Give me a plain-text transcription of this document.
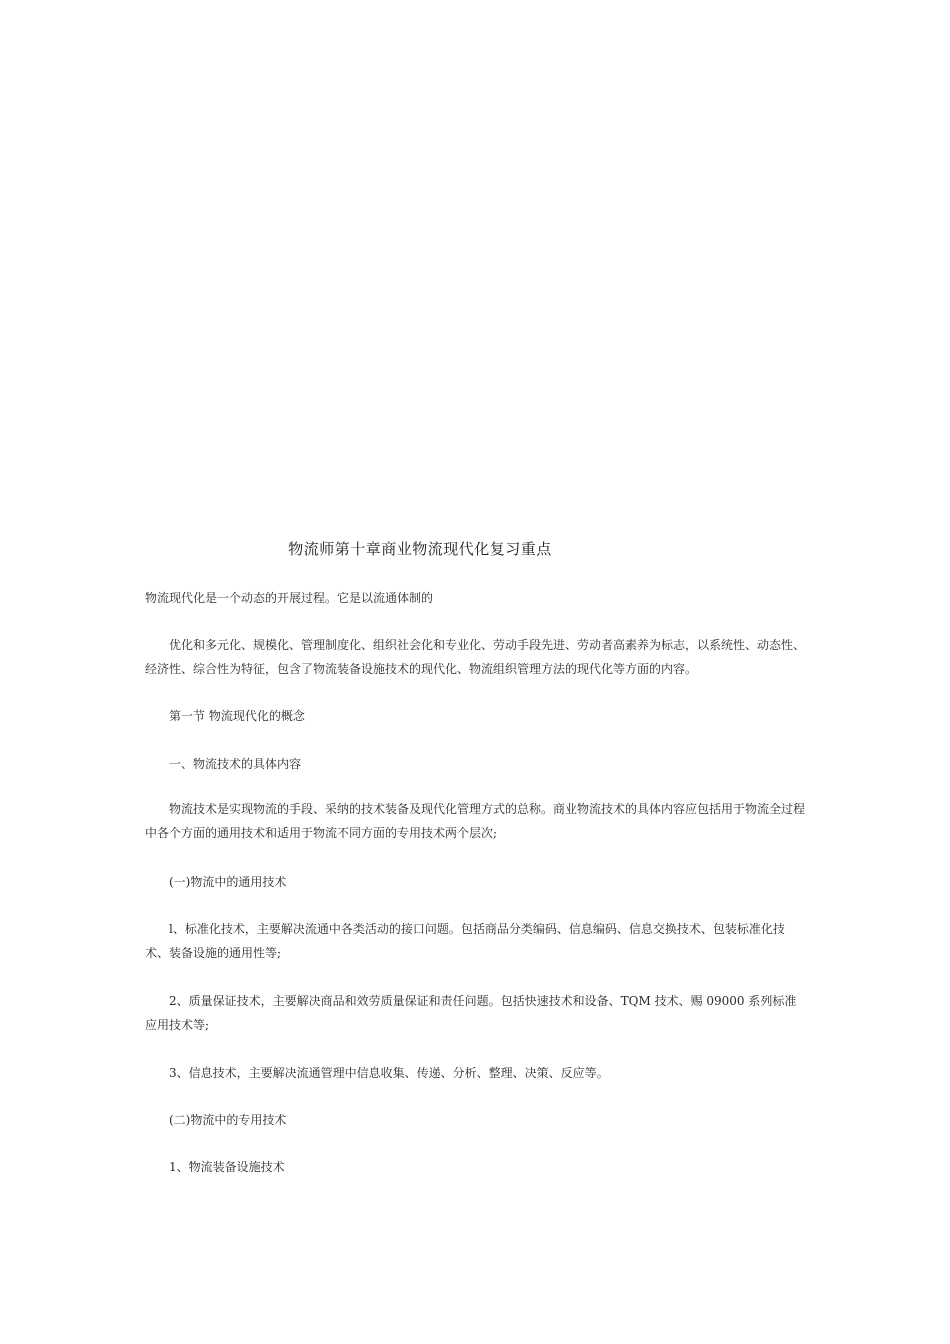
物流师第十章商业物流现代化复习重点

物流现代化是一个动态的开展过程。它是以流通体制的

优化和多元化、规模化、管理制度化、组织社会化和专业化、劳动手段先进、劳动者高素养为标志，以系统性、动态性、经济性、综合性为特征，包含了物流装备设施技术的现代化、物流组织管理方法的现代化等方面的内容。

第一节 物流现代化的概念

一、物流技术的具体内容

物流技术是实现物流的手段、采纳的技术装备及现代化管理方式的总称。商业物流技术的具体内容应包括用于物流全过程中各个方面的通用技术和适用于物流不同方面的专用技术两个层次;

(一)物流中的通用技术

l、标准化技术，主要解决流通中各类活动的接口问题。包括商品分类编码、信息编码、信息交换技术、包装标准化技术、装备设施的通用性等;

2、质量保证技术，主要解决商品和效劳质量保证和责任问题。包括快速技术和设备、TQM 技术、赐 09000 系列标准应用技术等;

3、信息技术，主要解决流通管理中信息收集、传递、分析、整理、决策、反应等。

(二)物流中的专用技术

1、物流装备设施技术
